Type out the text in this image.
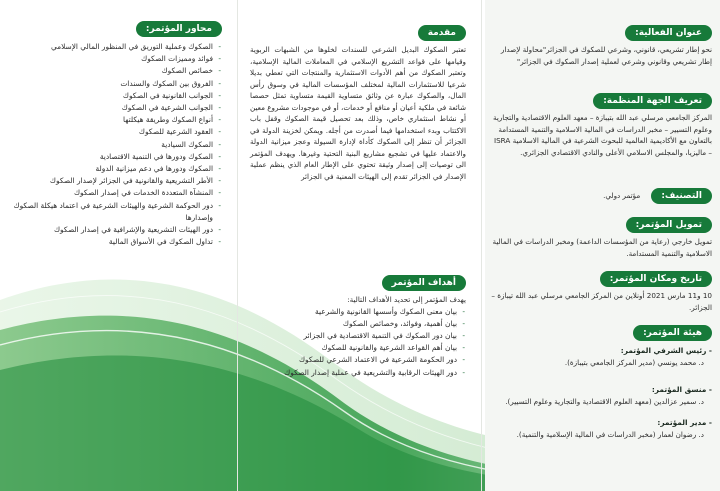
عنوان الفعالية:
نحو إطار تشريعي، قانوني، وشرعي للصكوك في الجزائر"محاولة لإصدار إطار تشريعي وقانوني وشرعي لعملية إصدار الصكوك في الجزائر"
تعريف الجهة المنظمة:
المركز الجامعي مرسلي عبد الله بتيبازة – معهد العلوم الاقتصادية والتجارية وعلوم التسيير – مخبر الدراسات في المالية الاسلامية والتنمية المستدامة بالتعاون مع الأكاديمية العالمية للبحوث الشرعية في المالية الاسلامية ISRA – ماليزيا، والمجلس الاسلامي الأعلى والنادي الاقتصادي الجزائري.
التصنيف: مؤتمر دولي.
تمويل المؤتمر:
تمويل خارجي (رعاية من المؤسسات الداعمة) ومخبر الدراسات في المالية الاسلامية والتنمية المستدامة.
تاريخ ومكان المؤتمر:
10 و11 مارس 2021 أونلاين من المركز الجامعي مرسلي عبد الله تيبازة –الجزائر.
هيئة المؤتمر:
- رئيس الشرفي المؤتمر:
د. محمد يونسي (مدير المركز الجامعي بتيبازة).
- منسق المؤتمر:
د. سمير عزالدين (معهد العلوم الاقتصادية والتجارية وعلوم التسيير).
- مدير المؤتمر:
د. رضوان لعمار (مخبر الدراسات في المالية الإسلامية والتنمية).
مقدمة
تعتبر الصكوك البديل الشرعي للسندات لخلوها من الشبهات الربوية وقيامها على قواعد التشريع الإسلامي في المعاملات المالية الإسلامية، وتعتبر الصكوك من أهم الأدوات الاستثمارية والمنتجات التي تعطي بديلا شرعيا للاستثمارات المالية لمختلف المؤسسات المالية في وسوق رأس المال، والصكوك عبارة عن وثائق متساوية القيمة متساوية تمثل حصصا شائعة في ملكية أعيان أو منافع أو خدمات، أو في موجودات مشروع معين أو نشاط استثماري خاص، وذلك بعد تحصيل قيمة الصكوك وقفل باب الاكتتاب وبدء استخدامها فيما أصدرت من أجله. ويمكن لخزينة الدولة في الجزائر أن تنظر إلى الصكوك كأداة لإدارة السيولة وعجز ميزانية الدولة والاعتماد عليها في تشجيع مشاريع البنية التحتية وغيرها. ويهدف المؤتمر الى توصيات إلى إصدار وثيقة تحتوي على الإطار العام الذي ينظم عملية الإصدار في الجزائر تقدم إلى الهيئات المعنية في الجزائر
أهداف المؤتمر
يهدف المؤتمر إلى تحديد الأهداف التالية:
- بيان معنى الصكوك وأسسها القانونية والشرعية
- بيان أهمية، وفوائد، وخصائص الصكوك
- بيان دور الصكوك في التنمية الاقتصادية في الجزائر
- بيان أهم القواعد الشرعية والقانونية للصكوك
- دور الحكومة الشرعية في الاعتماد الشرعي للصكوك
- دور الهيئات الرقابية والتشريعية في عملية إصدار الصكوك
محاور المؤتمر:
- الصكوك وعملية التوريق في المنظور المالي الإسلامي
- فوائد ومميزات الصكوك
- خصائص الصكوك
- الفروق بين الصكوك والسندات
- الجوانب القانونية في الصكوك
- الجوانب الشرعية في الصكوك
- أنواع الصكوك وطريقة هيكلتها
- العقود الشرعية للصكوك
- الصكوك السيادية
- الصكوك ودورها في التنمية الاقتصادية
- الصكوك ودورها في دعم ميزانية الدولة
- الأطر التشريعية والقانونية في الجزائر لإصدار الصكوك
- المنشآة المتعددة الخدمات في إصدار الصكوك
- دور الحوكمة الشرعية والهيئات الشرعية في اعتماد هيكلة الصكوك وإصدارها
- دور الهيئات التشريعية والإشرافية في إصدار الصكوك
- تداول الصكوك في الأسواق المالية
